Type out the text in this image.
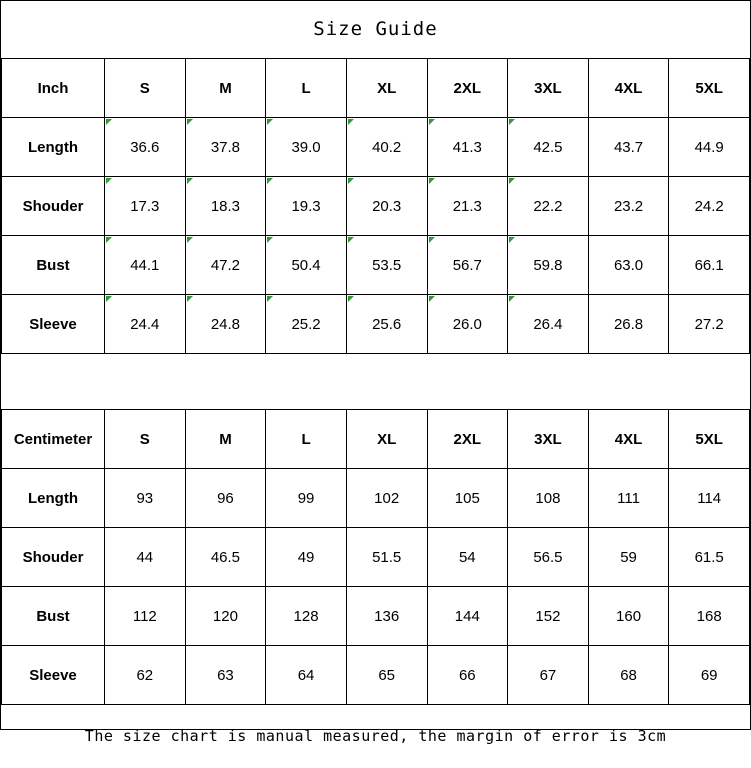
Size Guide
Inch	S	M	L	XL	2XL	3XL	4XL	5XL
Length	36.6	37.8	39.0	40.2	41.3	42.5	43.7	44.9
Shouder	17.3	18.3	19.3	20.3	21.3	22.2	23.2	24.2
Bust	44.1	47.2	50.4	53.5	56.7	59.8	63.0	66.1
Sleeve	24.4	24.8	25.2	25.6	26.0	26.4	26.8	27.2
Centimeter	S	M	L	XL	2XL	3XL	4XL	5XL
Length	93	96	99	102	105	108	111	114
Shouder	44	46.5	49	51.5	54	56.5	59	61.5
Bust	112	120	128	136	144	152	160	168
Sleeve	62	63	64	65	66	67	68	69
The size chart is manual measured, the margin of error is 3cm
